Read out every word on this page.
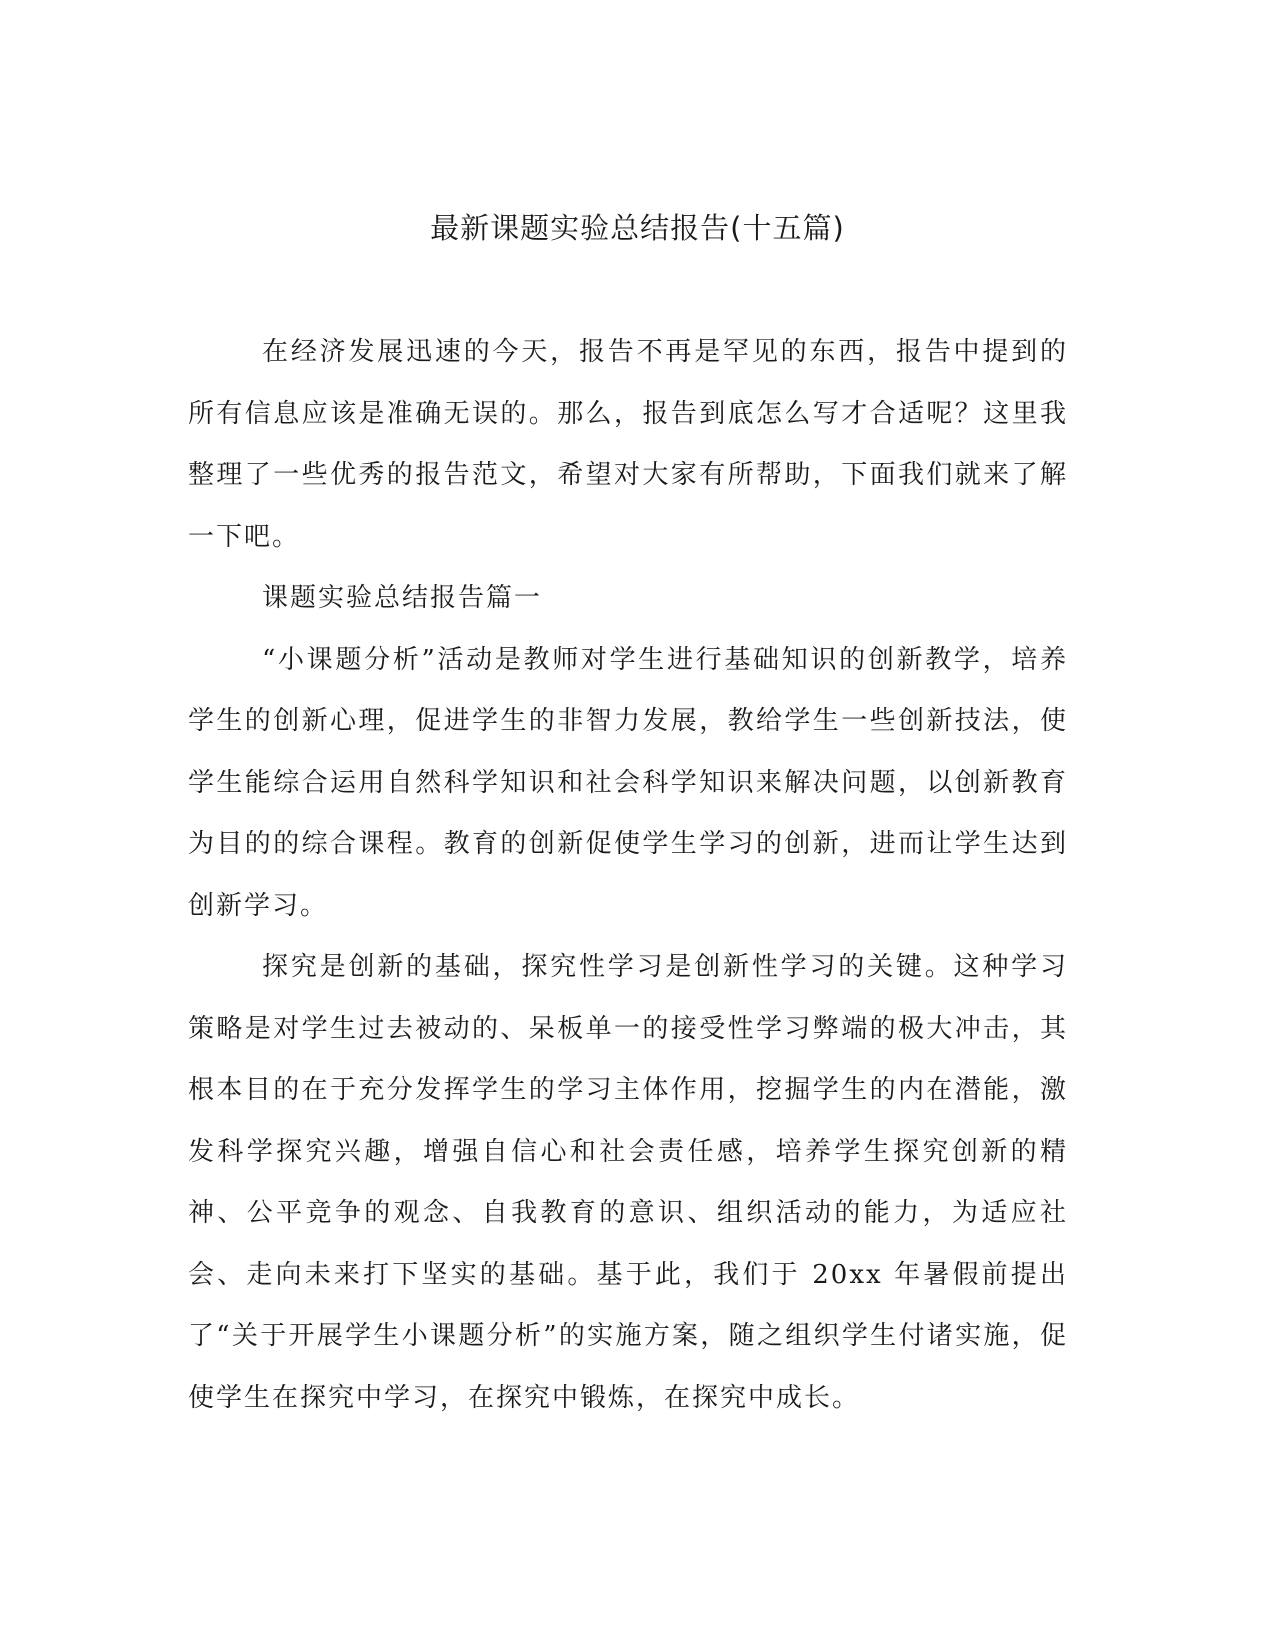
最新课题实验总结报告(十五篇)

在经济发展迅速的今天，报告不再是罕见的东西，报告中提到的所有信息应该是准确无误的。那么，报告到底怎么写才合适呢？这里我整理了一些优秀的报告范文，希望对大家有所帮助，下面我们就来了解一下吧。

课题实验总结报告篇一

“小课题分析”活动是教师对学生进行基础知识的创新教学，培养学生的创新心理，促进学生的非智力发展，教给学生一些创新技法，使学生能综合运用自然科学知识和社会科学知识来解决问题，以创新教育为目的的综合课程。教育的创新促使学生学习的创新，进而让学生达到创新学习。

探究是创新的基础，探究性学习是创新性学习的关键。这种学习策略是对学生过去被动的、呆板单一的接受性学习弊端的极大冲击，其根本目的在于充分发挥学生的学习主体作用，挖掘学生的内在潜能，激发科学探究兴趣，增强自信心和社会责任感，培养学生探究创新的精神、公平竞争的观念、自我教育的意识、组织活动的能力，为适应社会、走向未来打下坚实的基础。基于此，我们于 20xx 年暑假前提出了“关于开展学生小课题分析”的实施方案，随之组织学生付诸实施，促使学生在探究中学习，在探究中锻炼，在探究中成长。
